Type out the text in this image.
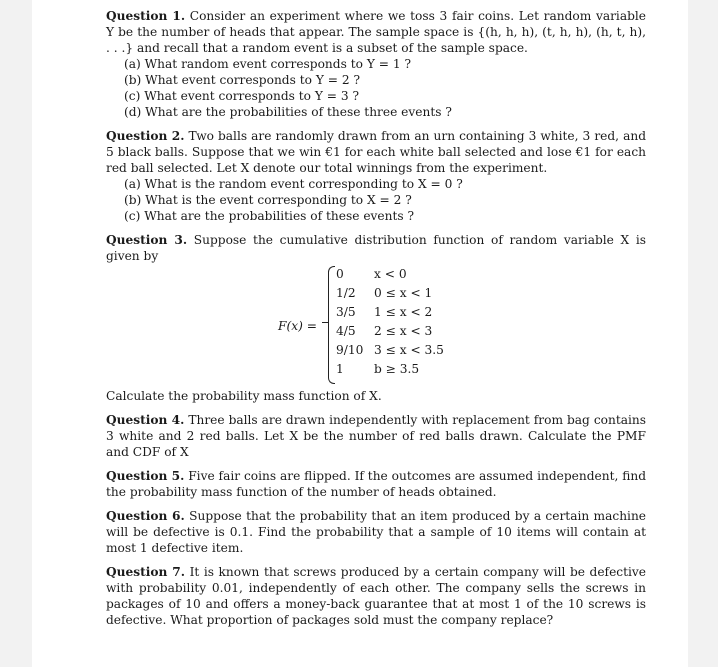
Question 1. Consider an experiment where we toss 3 fair coins. Let random variable Y be the number of heads that appear. The sample space is {(h, h, h), (t, h, h), (h, t, h), . . .} and recall that a random event is a subset of the sample space.
(a) What random event corresponds to Y = 1 ?
(b) What event corresponds to Y = 2 ?
(c) What event corresponds to Y = 3 ?
(d) What are the probabilities of these three events ?
Question 2. Two balls are randomly drawn from an urn containing 3 white, 3 red, and 5 black balls. Suppose that we win €1 for each white ball selected and lose €1 for each red ball selected. Let X denote our total winnings from the experiment.
(a) What is the random event corresponding to X = 0 ?
(b) What is the event corresponding to X = 2 ?
(c) What are the probabilities of these events ?
Question 3. Suppose the cumulative distribution function of random variable X is given by
F(x) =
0 x < 0
1/2 0 ≤ x < 1
3/5 1 ≤ x < 2
4/5 2 ≤ x < 3
9/10 3 ≤ x < 3.5
1 b ≥ 3.5
Calculate the probability mass function of X.
Question 4. Three balls are drawn independently with replacement from bag contains 3 white and 2 red balls. Let X be the number of red balls drawn. Calculate the PMF and CDF of X
Question 5. Five fair coins are flipped. If the outcomes are assumed independent, find the probability mass function of the number of heads obtained.
Question 6. Suppose that the probability that an item produced by a certain machine will be defective is 0.1. Find the probability that a sample of 10 items will contain at most 1 defective item.
Question 7. It is known that screws produced by a certain company will be defective with probability 0.01, independently of each other. The company sells the screws in packages of 10 and offers a money-back guarantee that at most 1 of the 10 screws is defective. What proportion of packages sold must the company replace?
